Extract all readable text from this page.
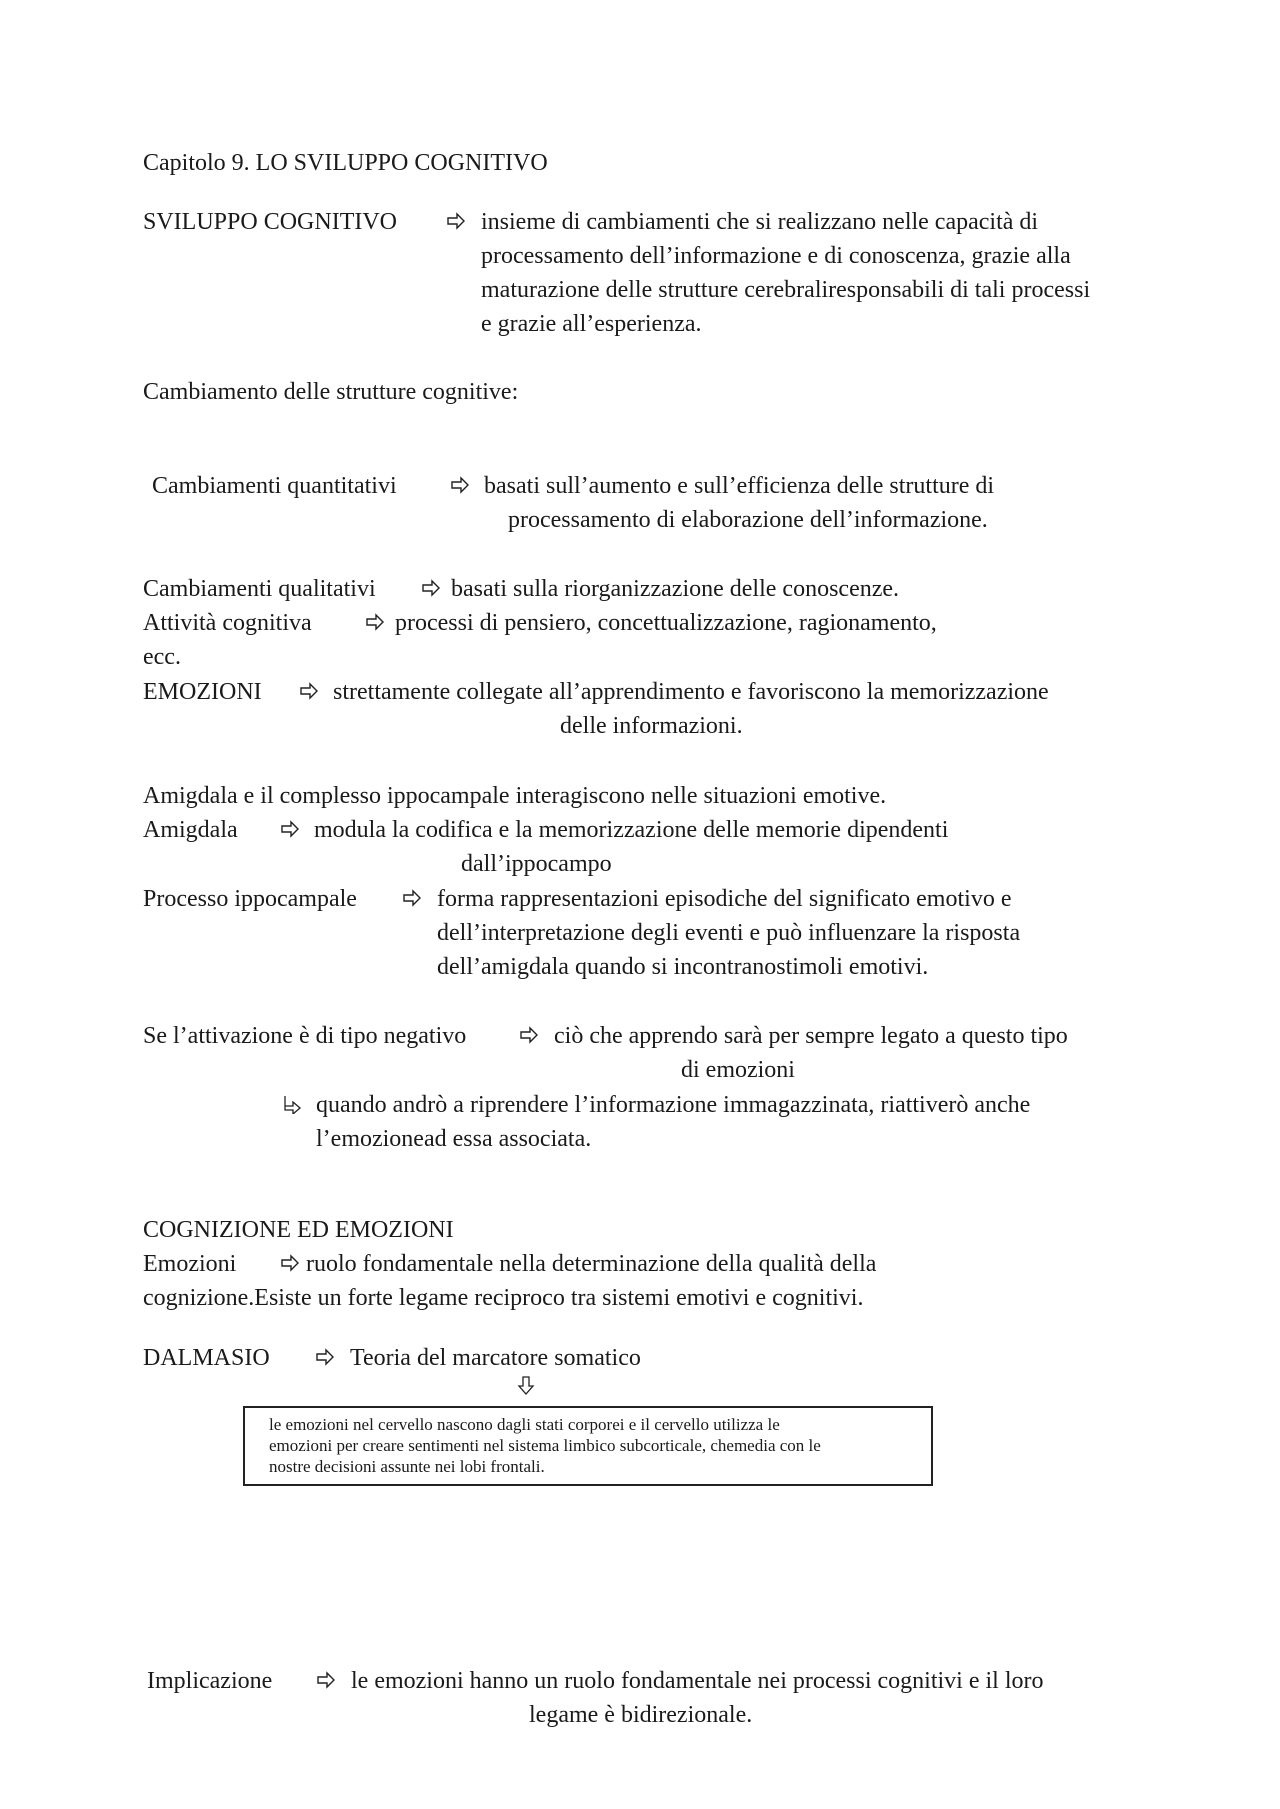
Capitolo 9. LO SVILUPPO COGNITIVO
SVILUPPO COGNITIVO	insieme di cambiamenti che si realizzano nelle capacità di
processamento dell’informazione e di conoscenza, grazie alla
maturazione delle strutture cerebraliresponsabili di tali processi
e grazie all’esperienza.
Cambiamento delle strutture cognitive:
Cambiamenti quantitativi	basati sull’aumento e sull’efficienza delle strutture di
processamento di elaborazione dell’informazione.
Cambiamenti qualitativi	basati sulla riorganizzazione delle conoscenze.
Attività cognitiva	processi di pensiero, concettualizzazione, ragionamento,
ecc.
EMOZIONI	strettamente collegate all’apprendimento e favoriscono la memorizzazione
delle informazioni.
Amigdala e il complesso ippocampale interagiscono nelle situazioni emotive.
Amigdala	modula la codifica e la memorizzazione delle memorie dipendenti
dall’ippocampo
Processo ippocampale	forma rappresentazioni episodiche del significato emotivo e
dell’interpretazione degli eventi e può influenzare la risposta
dell’amigdala quando si incontranostimoli emotivi.
Se l’attivazione è di tipo negativo	ciò che apprendo sarà per sempre legato a questo tipo
di emozioni
quando andrò a riprendere l’informazione immagazzinata, riattiverò anche
l’emozionead essa associata.
COGNIZIONE ED EMOZIONI
Emozioni	ruolo fondamentale nella determinazione della qualità della
cognizione.Esiste un forte legame reciproco tra sistemi emotivi e cognitivi.
DALMASIO	Teoria del marcatore somatico
le emozioni nel cervello nascono dagli stati corporei e il cervello utilizza le
emozioni per creare sentimenti nel sistema limbico subcorticale, chemedia con le
nostre decisioni assunte nei lobi frontali.
Implicazione	le emozioni hanno un ruolo fondamentale nei processi cognitivi e il loro
legame è bidirezionale.
